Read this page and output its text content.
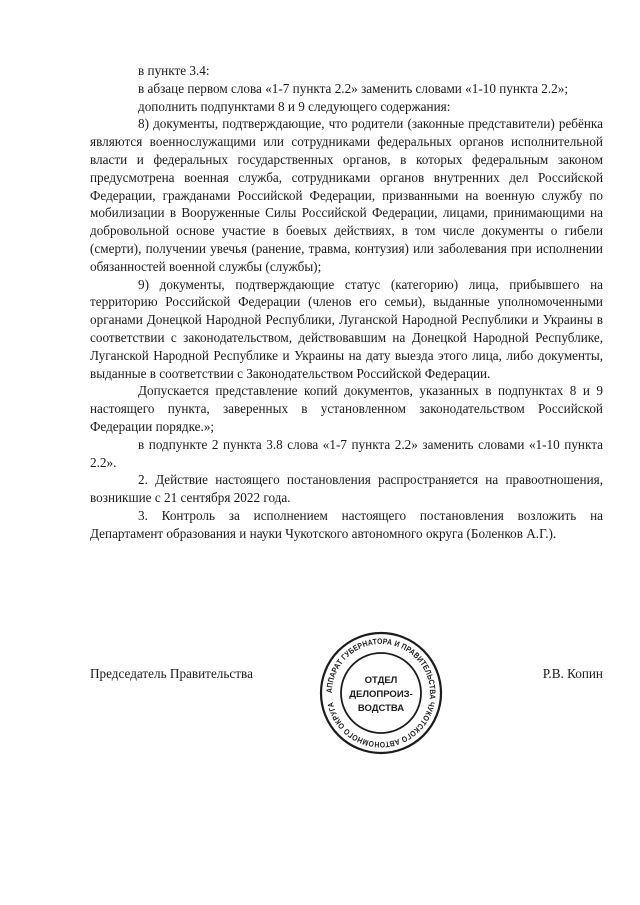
в пункте 3.4:

в абзаце первом слова «1-7 пункта 2.2» заменить словами «1-10 пункта 2.2»;

дополнить подпунктами 8 и 9 следующего содержания:

8) документы, подтверждающие, что родители (законные представители) ребёнка являются военнослужащими или сотрудниками федеральных органов исполнительной власти и федеральных государственных органов, в которых федеральным законом предусмотрена военная служба, сотрудниками органов внутренних дел Российской Федерации, гражданами Российской Федерации, призванными на военную службу по мобилизации в Вооруженные Силы Российской Федерации, лицами, принимающими на добровольной основе участие в боевых действиях, в том числе документы о гибели (смерти), получении увечья (ранение, травма, контузия) или заболевания при исполнении обязанностей военной службы (службы);

9) документы, подтверждающие статус (категорию) лица, прибывшего на территорию Российской Федерации (членов его семьи), выданные уполномоченными органами Донецкой Народной Республики, Луганской Народной Республики и Украины в соответствии с законодательством, действовавшим на Донецкой Народной Республике, Луганской Народной Республике и Украины на дату выезда этого лица, либо документы, выданные в соответствии с Законодательством Российской Федерации.

Допускается представление копий документов, указанных в подпунктах 8 и 9 настоящего пункта, заверенных в установленном законодательством Российской Федерации порядке.»;

в подпункте 2 пункта 3.8 слова «1-7 пункта 2.2» заменить словами «1-10 пункта 2.2».

2. Действие настоящего постановления распространяется на правоотношения, возникшие с 21 сентября 2022 года.

3. Контроль за исполнением настоящего постановления возложить на Департамент образования и науки Чукотского автономного округа (Боленков А.Г.).

Председатель Правительства	Р.В. Копин
АППАРАТ ГУБЕРНАТОРА И ПРАВИТЕЛЬСТВА ЧУКОТСКОГО АВТОНОМНОГО ОКРУГА
ОТДЕЛ
ДЕЛОПРОИЗ-
ВОДСТВА
